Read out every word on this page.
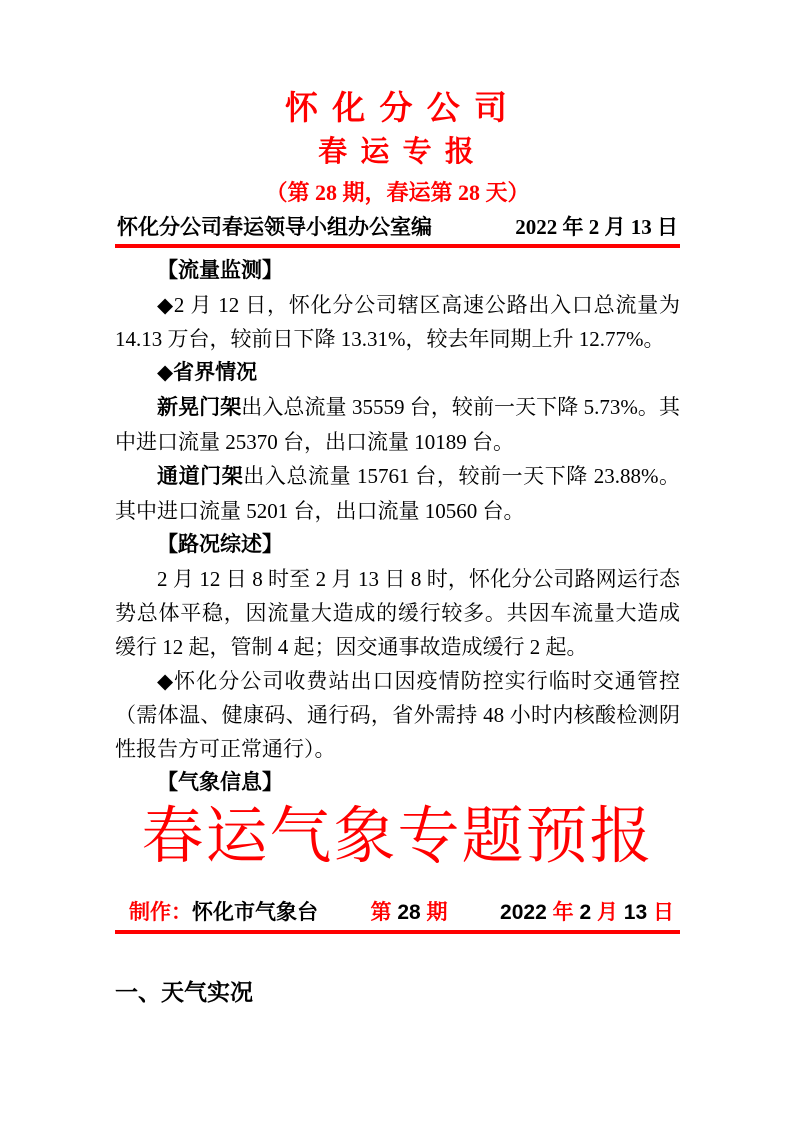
怀 化 分 公 司
春 运 专 报
（第 28 期，春运第 28 天）
怀化分公司春运领导小组办公室编	2022 年 2 月 13 日
【流量监测】

◆2 月 12 日，怀化分公司辖区高速公路出入口总流量为 14.13 万台，较前日下降 13.31%，较去年同期上升 12.77%。

◆省界情况

新晃门架出入总流量 35559 台，较前一天下降 5.73%。其中进口流量 25370 台，出口流量 10189 台。

通道门架出入总流量 15761 台，较前一天下降 23.88%。其中进口流量 5201 台，出口流量 10560 台。

【路况综述】

2 月 12 日 8 时至 2 月 13 日 8 时，怀化分公司路网运行态势总体平稳，因流量大造成的缓行较多。共因车流量大造成缓行 12 起，管制 4 起；因交通事故造成缓行 2 起。

◆怀化分公司收费站出口因疫情防控实行临时交通管控（需体温、健康码、通行码，省外需持 48 小时内核酸检测阴性报告方可正常通行）。

【气象信息】
春运气象专题预报
制作：怀化市气象台	第 28 期	2022 年 2 月 13 日
一、天气实况
